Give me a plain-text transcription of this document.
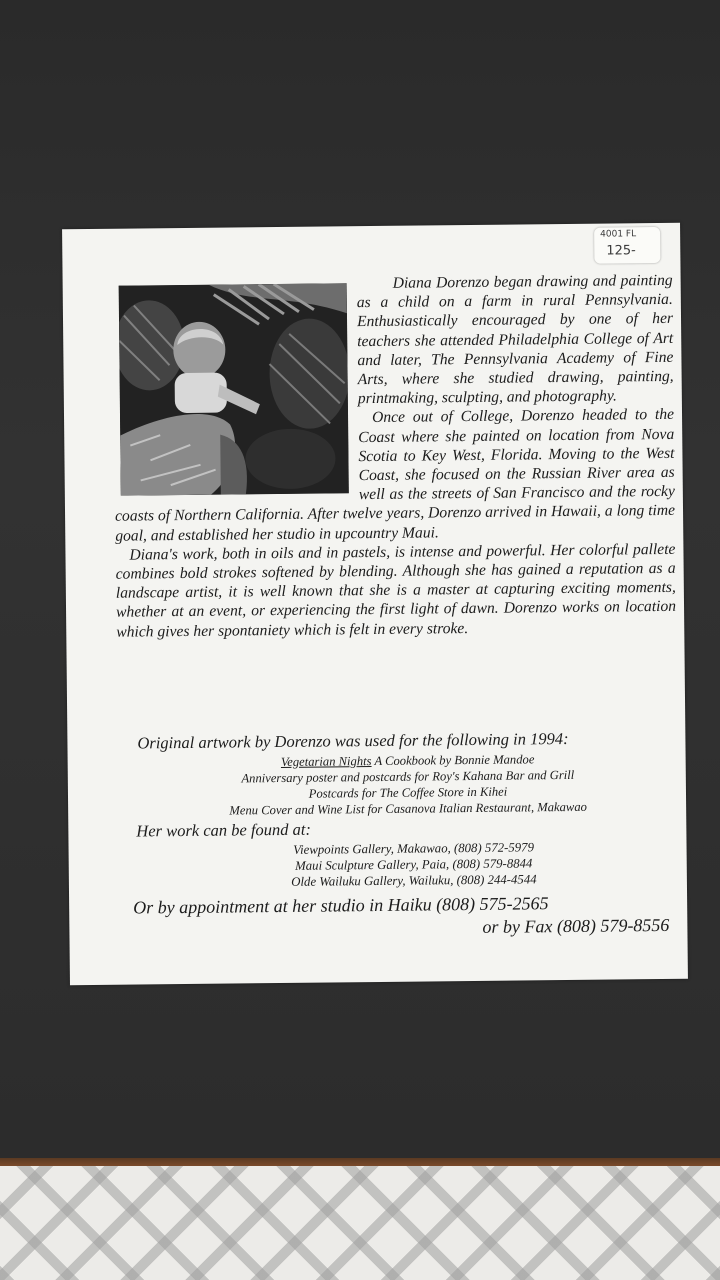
4001 FL
125-

Diana Dorenzo began drawing and painting as a child on a farm in rural Pennsylvania. Enthusiastically encouraged by one of her teachers she attended Philadelphia College of Art and later, The Pennsylvania Academy of Fine Arts, where she studied drawing, painting, printmaking, sculpting, and photography.

Once out of College, Dorenzo headed to the Coast where she painted on location from Nova Scotia to Key West, Florida. Moving to the West Coast, she focused on the Russian River area as well as the streets of San Francisco and the rocky coasts of Northern California. After twelve years, Dorenzo arrived in Hawaii, a long time goal, and established her studio in upcountry Maui.

Diana's work, both in oils and in pastels, is intense and powerful. Her colorful pallete combines bold strokes softened by blending. Although she has gained a reputation as a landscape artist, it is well known that she is a master at capturing exciting moments, whether at an event, or experiencing the first light of dawn. Dorenzo works on location which gives her spontaniety which is felt in every stroke.

Original artwork by Dorenzo was used for the following in 1994:
Vegetarian Nights A Cookbook by Bonnie Mandoe
Anniversary poster and postcards for Roy's Kahana Bar and Grill
Postcards for The Coffee Store in Kihei
Menu Cover and Wine List for Casanova Italian Restaurant, Makawao
Her work can be found at:
Viewpoints Gallery, Makawao, (808) 572-5979
Maui Sculpture Gallery, Paia, (808) 579-8844
Olde Wailuku Gallery, Wailuku, (808) 244-4544
Or by appointment at her studio in Haiku (808) 575-2565
or by Fax (808) 579-8556
